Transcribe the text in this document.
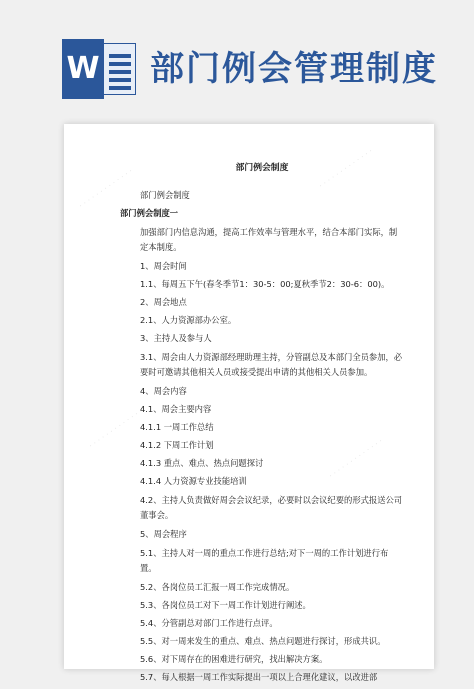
W 部门例会管理制度
· · · · · · · · · · · · ·	· · · · · · · · · · · · ·
· · · · · · · · · · · · ·
· · · · · · · · · · · · ·

部门例会制度

部门例会制度

部门例会制度一

加强部门内信息沟通，提高工作效率与管理水平，结合本部门实际，制定本制度。

1、周会时间

1.1、每周五下午(春冬季节1：30-5：00;夏秋季节2：30-6：00)。

2、周会地点

2.1、人力资源部办公室。

3、主持人及参与人

3.1、周会由人力资源部经理助理主持，分管副总及本部门全员参加，必要时可邀请其他相关人员或接受提出申请的其他相关人员参加。

4、周会内容

4.1、周会主要内容

4.1.1 一周工作总结

4.1.2 下周工作计划

4.1.3 重点、难点、热点问题探讨

4.1.4 人力资源专业技能培训

4.2、主持人负责做好周会会议纪录，必要时以会议纪要的形式报送公司董事会。

5、周会程序

5.1、主持人对一周的重点工作进行总结;对下一周的工作计划进行布置。

5.2、各岗位员工汇报一周工作完成情况。

5.3、各岗位员工对下一周工作计划进行阐述。

5.4、分管副总对部门工作进行点评。

5.5、对一周来发生的重点、难点、热点问题进行探讨，形成共识。

5.6、对下周存在的困难进行研究，找出解决方案。

5.7、每人根据一周工作实际提出一项以上合理化建议，以改进部
